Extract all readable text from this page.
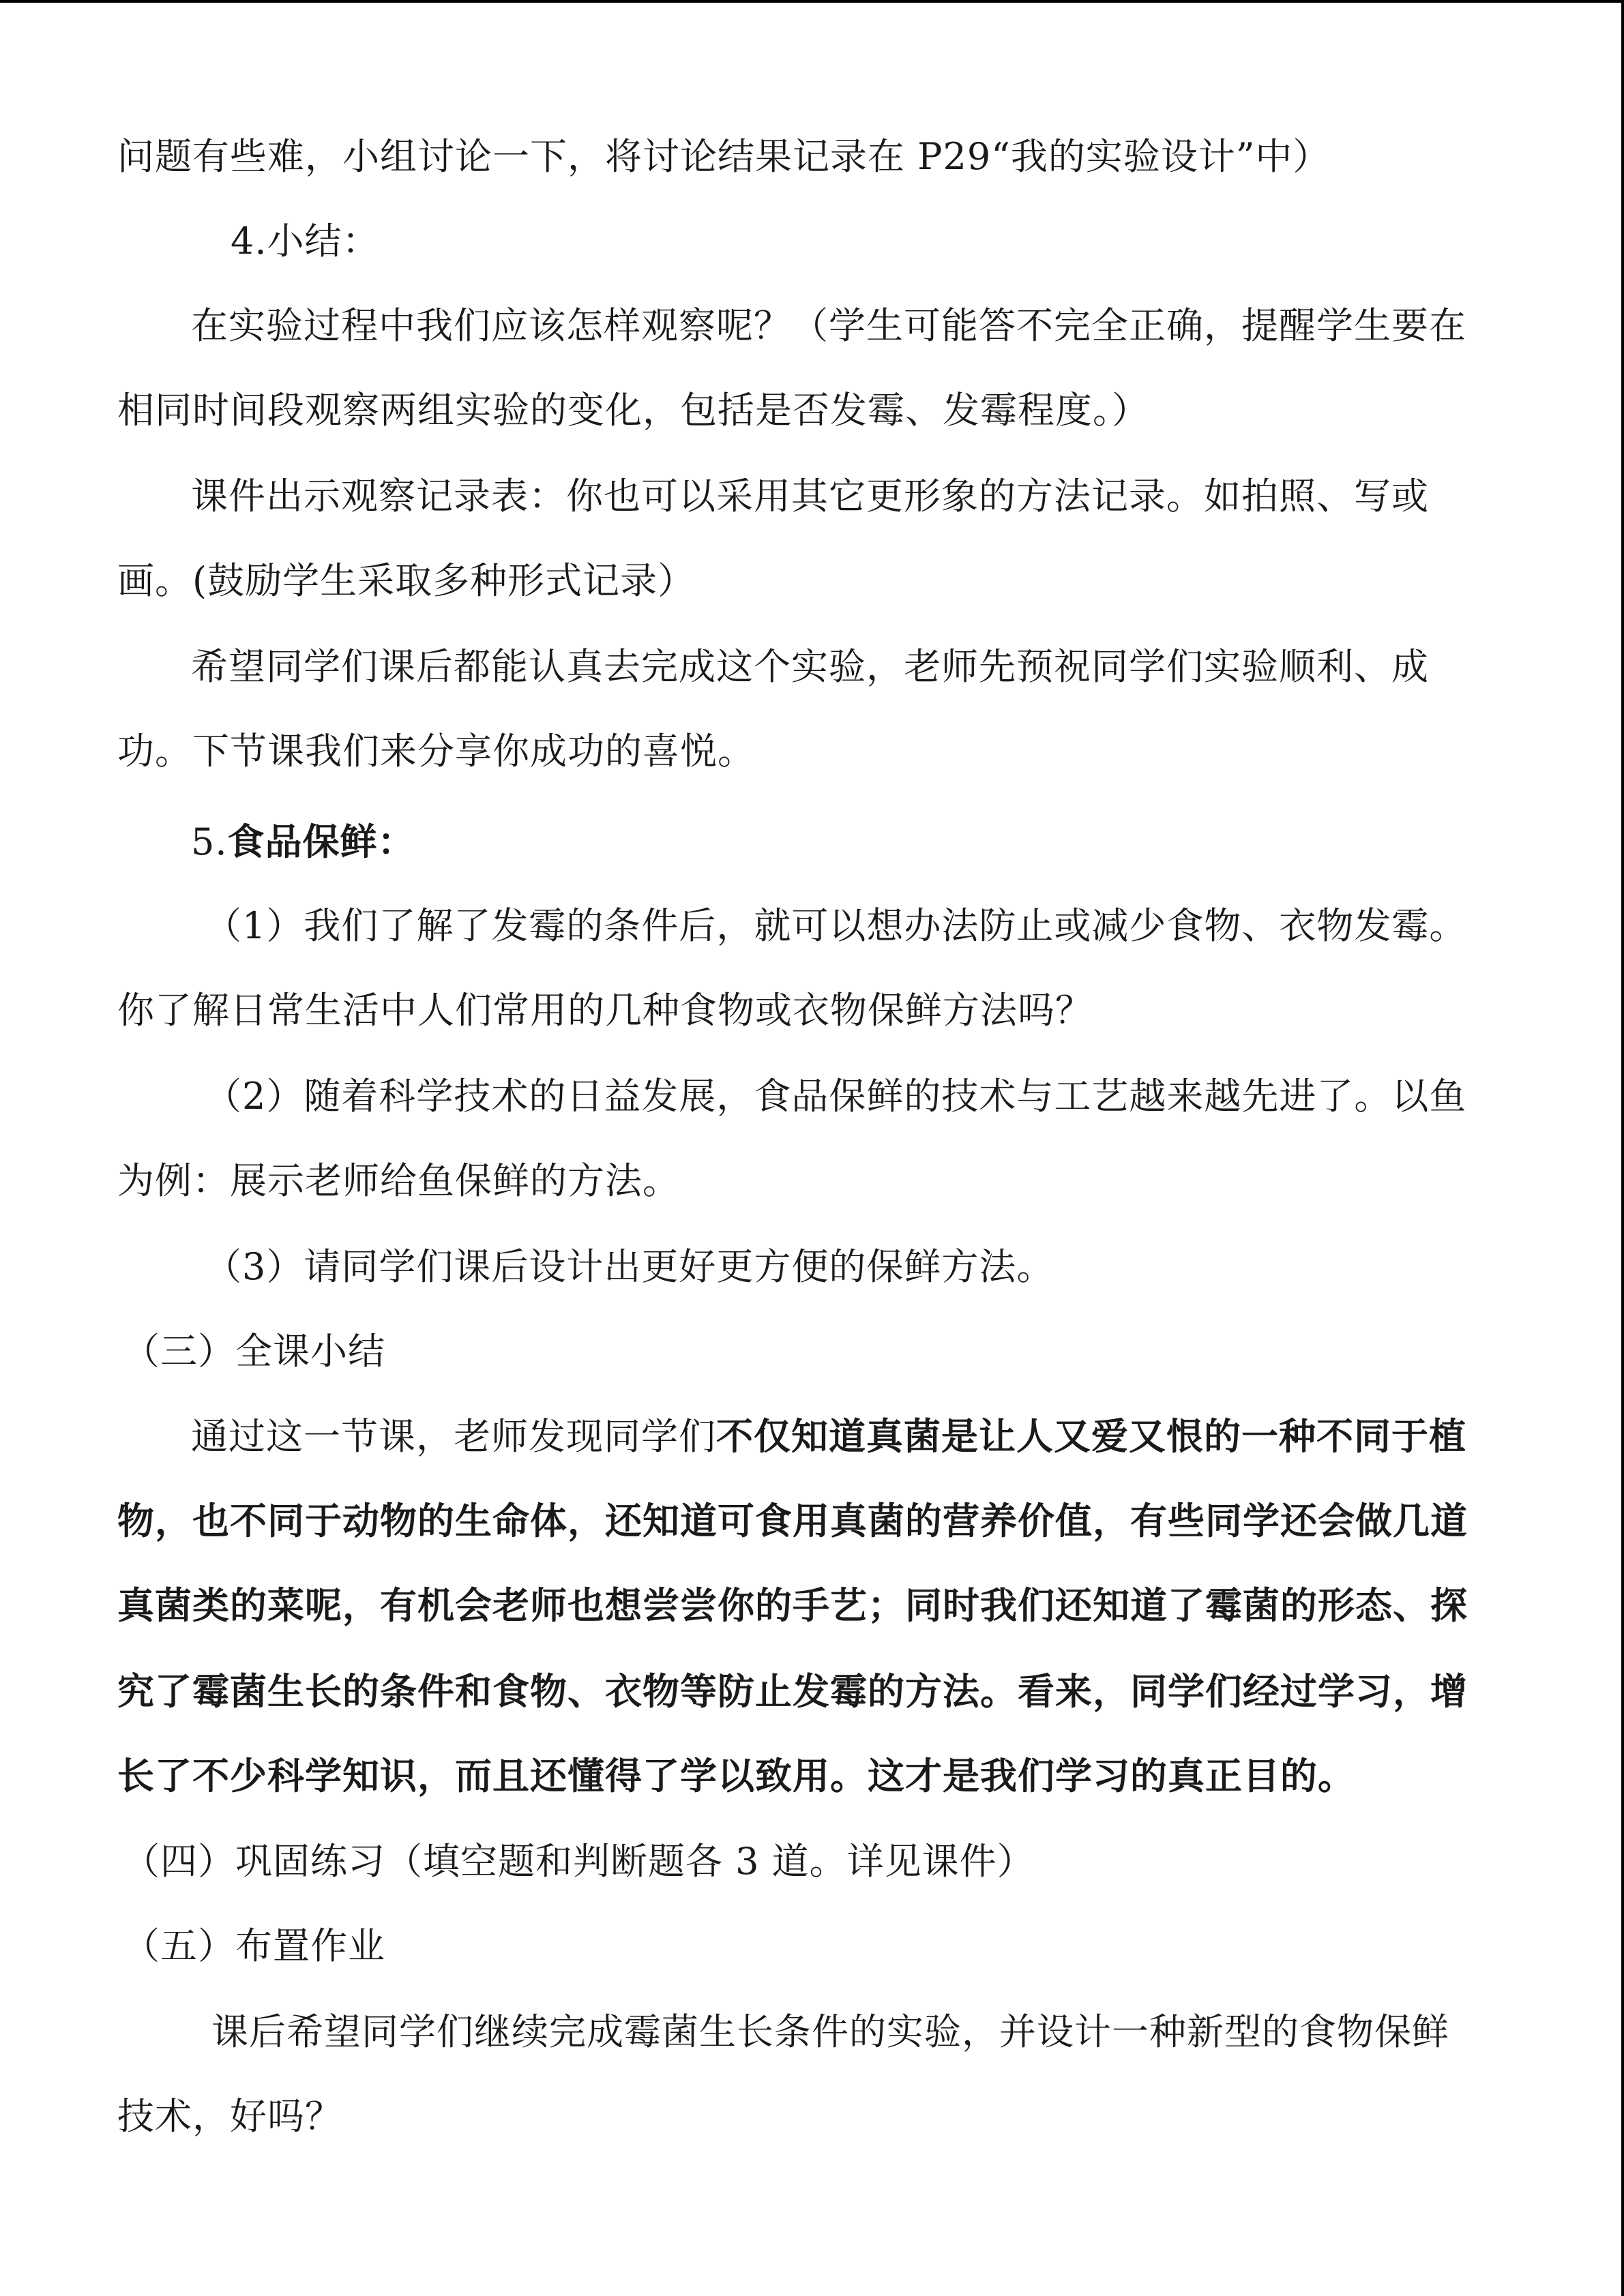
问题有些难，小组讨论一下，将讨论结果记录在 P29“我的实验设计”中）
4.小结：
在实验过程中我们应该怎样观察呢？（学生可能答不完全正确，提醒学生要在
相同时间段观察两组实验的变化，包括是否发霉、发霉程度。）
课件出示观察记录表：你也可以采用其它更形象的方法记录。如拍照、写或
画。(鼓励学生采取多种形式记录）
希望同学们课后都能认真去完成这个实验，老师先预祝同学们实验顺利、成
功。下节课我们来分享你成功的喜悦。
5.食品保鲜：
（1）我们了解了发霉的条件后，就可以想办法防止或减少食物、衣物发霉。
你了解日常生活中人们常用的几种食物或衣物保鲜方法吗？
（2）随着科学技术的日益发展，食品保鲜的技术与工艺越来越先进了。以鱼
为例：展示老师给鱼保鲜的方法。
（3）请同学们课后设计出更好更方便的保鲜方法。
（三）全课小结
通过这一节课，老师发现同学们不仅知道真菌是让人又爱又恨的一种不同于植
物，也不同于动物的生命体，还知道可食用真菌的营养价值，有些同学还会做几道
真菌类的菜呢，有机会老师也想尝尝你的手艺；同时我们还知道了霉菌的形态、探
究了霉菌生长的条件和食物、衣物等防止发霉的方法。看来，同学们经过学习，增
长了不少科学知识，而且还懂得了学以致用。这才是我们学习的真正目的。
（四）巩固练习（填空题和判断题各 3 道。详见课件）
（五）布置作业
课后希望同学们继续完成霉菌生长条件的实验，并设计一种新型的食物保鲜
技术，好吗？
